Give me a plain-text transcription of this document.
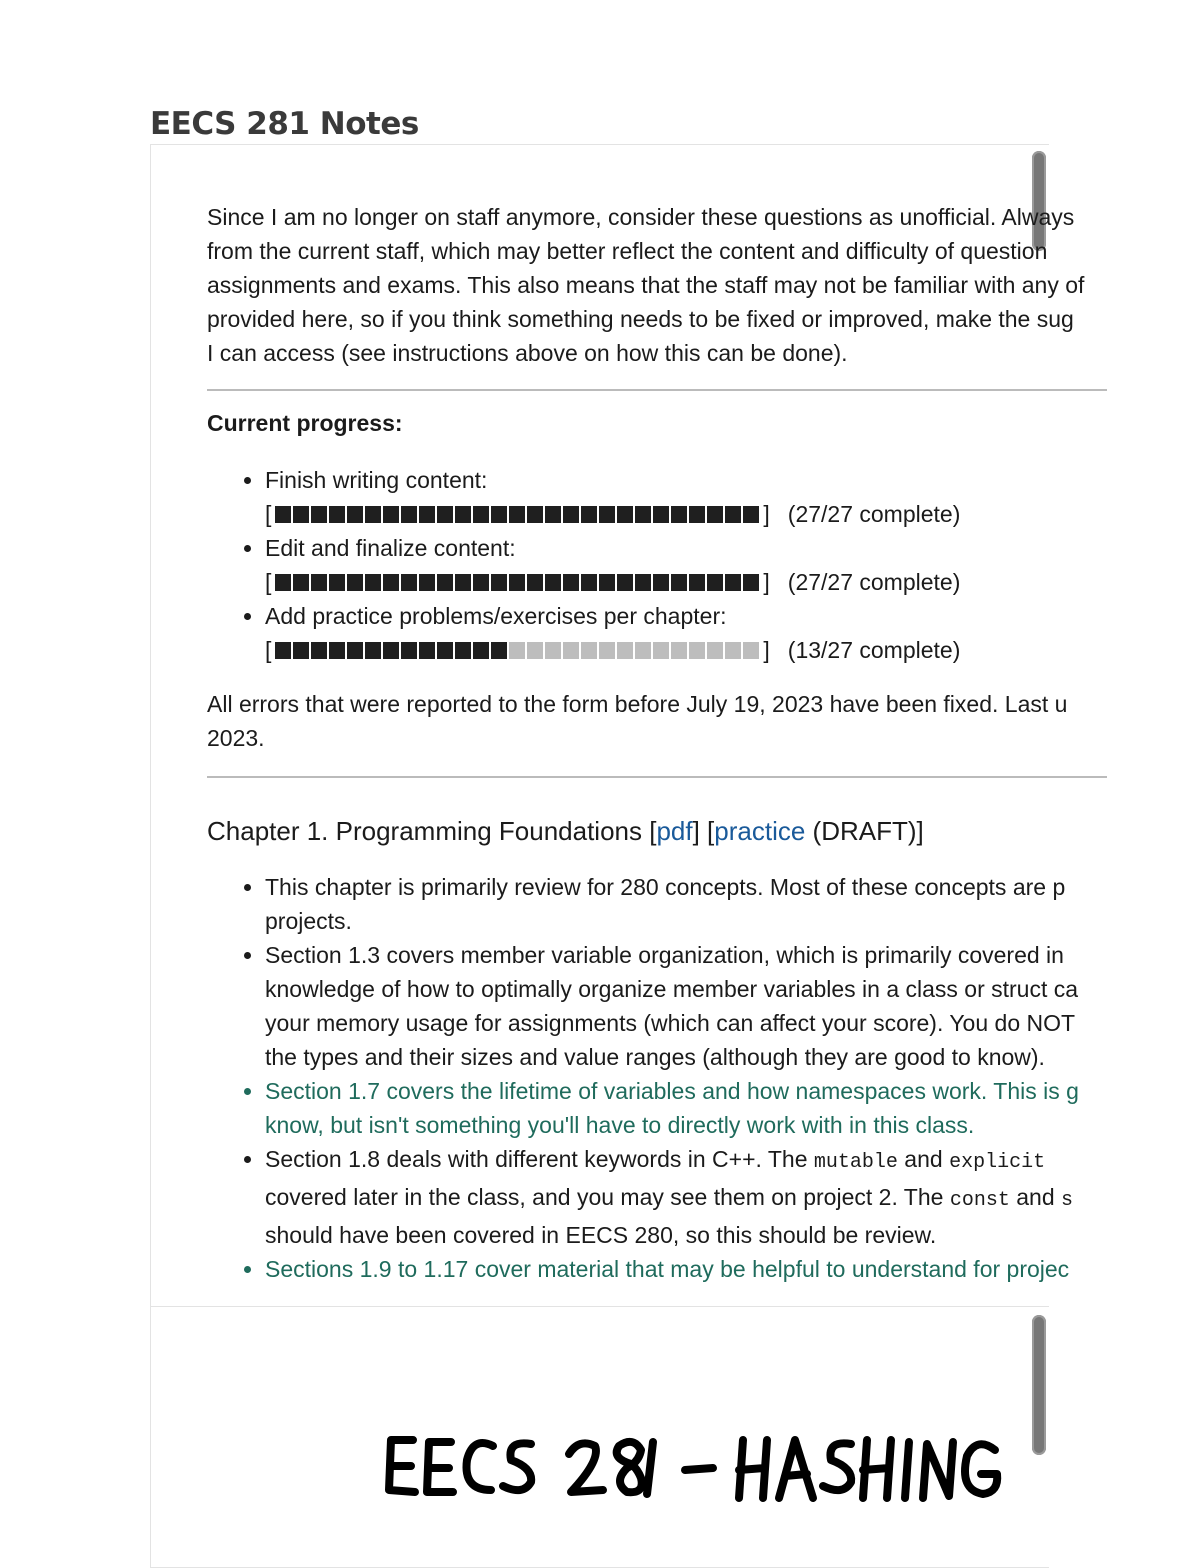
EECS 281 Notes

Since I am no longer on staff anymore, consider these questions as unofficial. Always
from the current staff, which may better reflect the content and difficulty of question
assignments and exams. This also means that the staff may not be familiar with any of
provided here, so if you think something needs to be fixed or improved, make the sug
I can access (see instructions above on how this can be done).

Current progress:

• Finish writing content:

[	] (27/27 complete)
• Edit and finalize content:

[	] (27/27 complete)
• Add practice problems/exercises per chapter:

[	] (13/27 complete)

All errors that were reported to the form before July 19, 2023 have been fixed. Last u
2023.

Chapter 1. Programming Foundations [pdf] [practice (DRAFT)]

• This chapter is primarily review for 280 concepts. Most of these concepts are p
projects.
• Section 1.3 covers member variable organization, which is primarily covered in
knowledge of how to optimally organize member variables in a class or struct ca
your memory usage for assignments (which can affect your score). You do NOT
the types and their sizes and value ranges (although they are good to know).
• Section 1.7 covers the lifetime of variables and how namespaces work. This is g
know, but isn't something you'll have to directly work with in this class.
• Section 1.8 deals with different keywords in C++. The mutable and explicit
covered later in the class, and you may see them on project 2. The const and s
should have been covered in EECS 280, so this should be review.
• Sections 1.9 to 1.17 cover material that may be helpful to understand for projec
